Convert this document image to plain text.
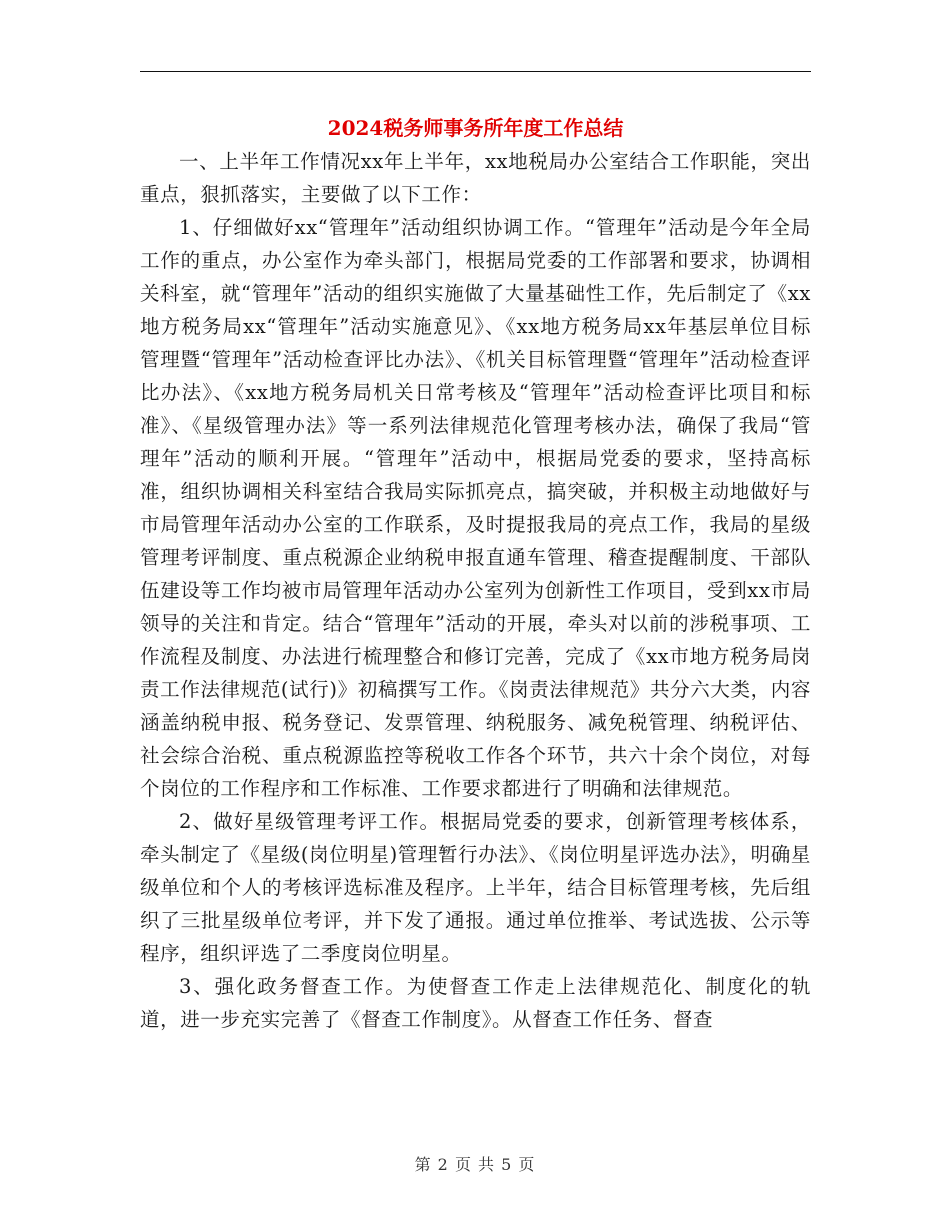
2024税务师事务所年度工作总结

一、上半年工作情况xx年上半年，xx地税局办公室结合工作职能，突出重点，狠抓落实，主要做了以下工作：

1、仔细做好xx“管理年”活动组织协调工作。“管理年”活动是今年全局工作的重点，办公室作为牵头部门，根据局党委的工作部署和要求，协调相关科室，就“管理年”活动的组织实施做了大量基础性工作，先后制定了《xx地方税务局xx“管理年”活动实施意见》、《xx地方税务局xx年基层单位目标管理暨“管理年”活动检查评比办法》、《机关目标管理暨“管理年”活动检查评比办法》、《xx地方税务局机关日常考核及“管理年”活动检查评比项目和标准》、《星级管理办法》等一系列法律规范化管理考核办法，确保了我局“管理年”活动的顺利开展。“管理年”活动中，根据局党委的要求，坚持高标准，组织协调相关科室结合我局实际抓亮点，搞突破，并积极主动地做好与市局管理年活动办公室的工作联系，及时提报我局的亮点工作，我局的星级管理考评制度、重点税源企业纳税申报直通车管理、稽查提醒制度、干部队伍建设等工作均被市局管理年活动办公室列为创新性工作项目，受到xx市局领导的关注和肯定。结合“管理年”活动的开展，牵头对以前的涉税事项、工作流程及制度、办法进行梳理整合和修订完善，完成了《xx市地方税务局岗责工作法律规范(试行)》初稿撰写工作。《岗责法律规范》共分六大类，内容涵盖纳税申报、税务登记、发票管理、纳税服务、减免税管理、纳税评估、社会综合治税、重点税源监控等税收工作各个环节，共六十余个岗位，对每个岗位的工作程序和工作标准、工作要求都进行了明确和法律规范。

2、做好星级管理考评工作。根据局党委的要求，创新管理考核体系，牵头制定了《星级(岗位明星)管理暂行办法》、《岗位明星评选办法》，明确星级单位和个人的考核评选标准及程序。上半年，结合目标管理考核，先后组织了三批星级单位考评，并下发了通报。通过单位推举、考试选拔、公示等程序，组织评选了二季度岗位明星。

3、强化政务督查工作。为使督查工作走上法律规范化、制度化的轨道，进一步充实完善了《督查工作制度》。从督查工作任务、督查

第 2 页 共 5 页
